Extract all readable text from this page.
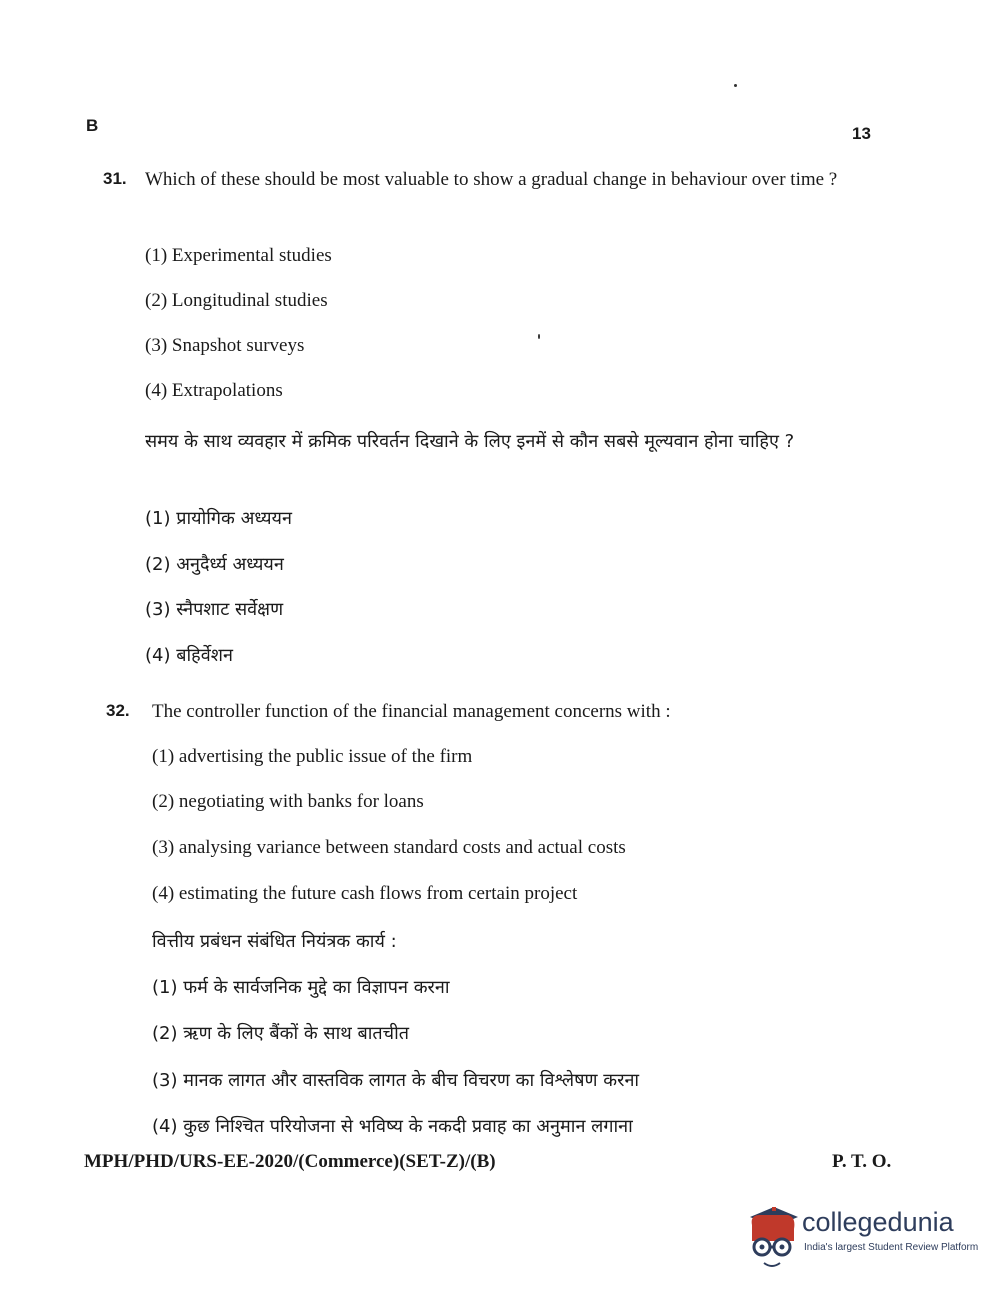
B	13
31. Which of these should be most valuable to show a gradual change in behaviour over time ?
(1) Experimental studies
(2) Longitudinal studies
(3) Snapshot surveys
(4) Extrapolations
समय के साथ व्यवहार में क्रमिक परिवर्तन दिखाने के लिए इनमें से कौन सबसे मूल्यवान होना चाहिए ?
(1) प्रायोगिक अध्ययन
(2) अनुदैर्ध्य अध्ययन
(3) स्नैपशाट सर्वेक्षण
(4) बहिर्वेशन
32. The controller function of the financial management concerns with :
(1) advertising the public issue of the firm
(2) negotiating with banks for loans
(3) analysing variance between standard costs and actual costs
(4) estimating the future cash flows from certain project
वित्तीय प्रबंधन संबंधित नियंत्रक कार्य :
(1) फर्म के सार्वजनिक मुद्दे का विज्ञापन करना
(2) ऋण के लिए बैंकों के साथ बातचीत
(3) मानक लागत और वास्तविक लागत के बीच विचरण का विश्लेषण करना
(4) कुछ निश्चित परियोजना से भविष्य के नकदी प्रवाह का अनुमान लगाना
MPH/PHD/URS-EE-2020/(Commerce)(SET-Z)/(B)	P. T. O.
collegedunia
India's largest Student Review Platform
